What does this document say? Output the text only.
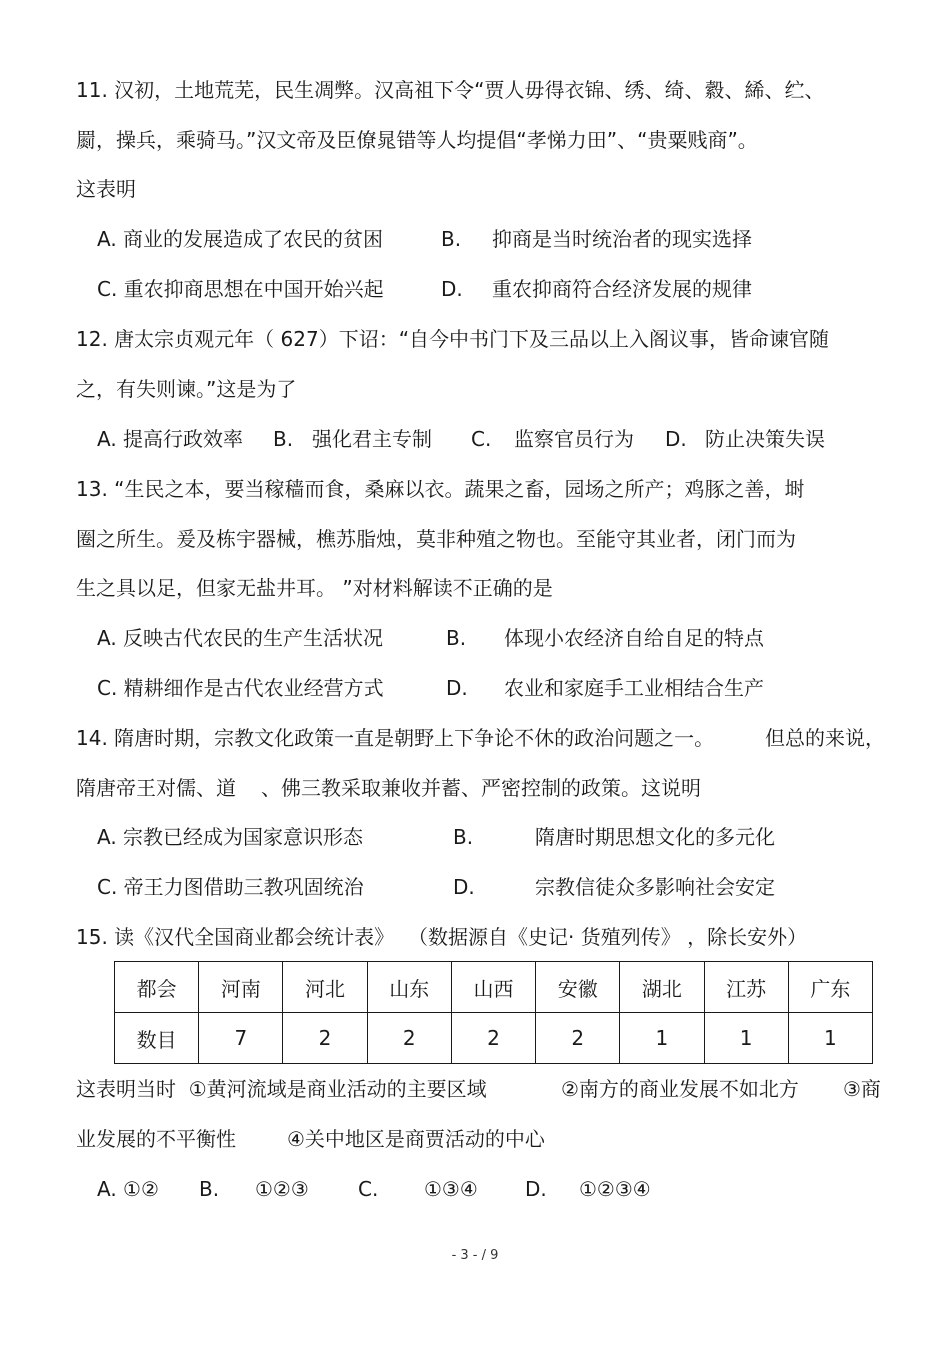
11. 汉初，土地荒芜，民生凋弊。汉高祖下令“贾人毋得衣锦、绣、绮、縠、絺、纻、
罽，操兵，乘骑马。”汉文帝及臣僚晁错等人均提倡“孝悌力田”、“贵粟贱商”。
这表明
A. 商业的发展造成了农民的贫困	B. 抑商是当时统治者的现实选择
C. 重农抑商思想在中国开始兴起	D. 重农抑商符合经济发展的规律
12. 唐太宗贞观元年（ 627）下诏：“自今中书门下及三品以上入阁议事，皆命谏官随
之，有失则谏。”这是为了
A. 提高行政效率 B. 强化君主专制 C. 监察官员行为 D. 防止决策失误
13. “生民之本，要当稼穑而食，桑麻以衣。蔬果之畜，园场之所产；鸡豚之善，埘
圈之所生。爰及栋宇器械，樵苏脂烛，莫非种殖之物也。至能守其业者，闭门而为
生之具以足，但家无盐井耳。 ”对材料解读不正确的是
A. 反映古代农民的生产生活状况	B. 体现小农经济自给自足的特点
C. 精耕细作是古代农业经营方式	D. 农业和家庭手工业相结合生产
14. 隋唐时期，宗教文化政策一直是朝野上下争论不休的政治问题之一。	但总的来说，
隋唐帝王对儒、道 、佛三教采取兼收并蓄、严密控制的政策。这说明
A. 宗教已经成为国家意识形态	B.	隋唐时期思想文化的多元化
C. 帝王力图借助三教巩固统治	D.	宗教信徒众多影响社会安定
15. 读《汉代全国商业都会统计表》 （数据源自《史记· 货殖列传》 ，除长安外）
都会	河南	河北	山东	山西	安徽	湖北	江苏	广东
数目	7	2	2	2	2	1	1	1
这表明当时  ①黄河流域是商业活动的主要区域	②南方的商业发展不如北方 ③商
业发展的不平衡性	④关中地区是商贾活动的中心
A. ①② B. ①②③ C. ①③④ D. ①②③④
- 3 - / 9
